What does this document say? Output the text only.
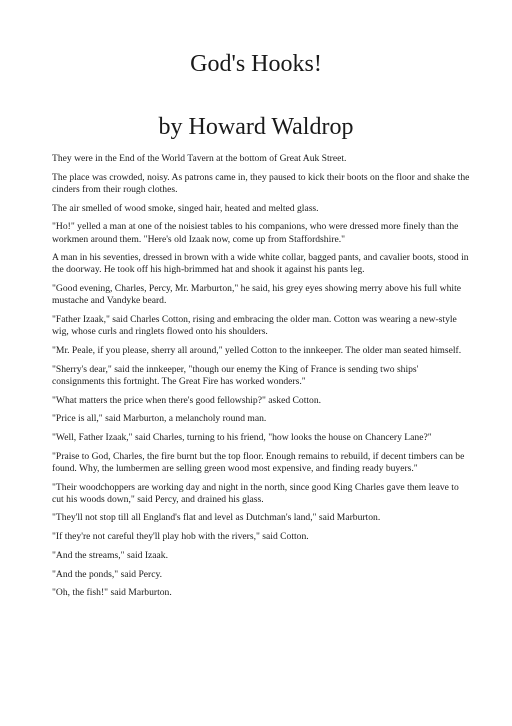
God's Hooks!
by Howard Waldrop

They were in the End of the World Tavern at the bottom of Great Auk Street.

The place was crowded, noisy. As patrons came in, they paused to kick their boots on the floor and shake the cinders from their rough clothes.

The air smelled of wood smoke, singed hair, heated and melted glass.

"Ho!" yelled a man at one of the noisiest tables to his companions, who were dressed more finely than the workmen around them. "Here's old Izaak now, come up from Staffordshire."

A man in his seventies, dressed in brown with a wide white collar, bagged pants, and cavalier boots, stood in the doorway. He took off his high-brimmed hat and shook it against his pants leg.

"Good evening, Charles, Percy, Mr. Marburton," he said, his grey eyes showing merry above his full white mustache and Vandyke beard.

"Father Izaak," said Charles Cotton, rising and embracing the older man. Cotton was wearing a new-style wig, whose curls and ringlets flowed onto his shoulders.

"Mr. Peale, if you please, sherry all around," yelled Cotton to the innkeeper. The older man seated himself.

"Sherry's dear," said the innkeeper, "though our enemy the King of France is sending two ships' consignments this fortnight. The Great Fire has worked wonders."

"What matters the price when there's good fellowship?" asked Cotton.

"Price is all," said Marburton, a melancholy round man.

"Well, Father Izaak," said Charles, turning to his friend, "how looks the house on Chancery Lane?"

"Praise to God, Charles, the fire burnt but the top floor. Enough remains to rebuild, if decent timbers can be found. Why, the lumbermen are selling green wood most expensive, and finding ready buyers."

"Their woodchoppers are working day and night in the north, since good King Charles gave them leave to cut his woods down," said Percy, and drained his glass.

"They'll not stop till all England's flat and level as Dutchman's land," said Marburton.

"If they're not careful they'll play hob with the rivers," said Cotton.

"And the streams," said Izaak.

"And the ponds," said Percy.

"Oh, the fish!" said Marburton.
